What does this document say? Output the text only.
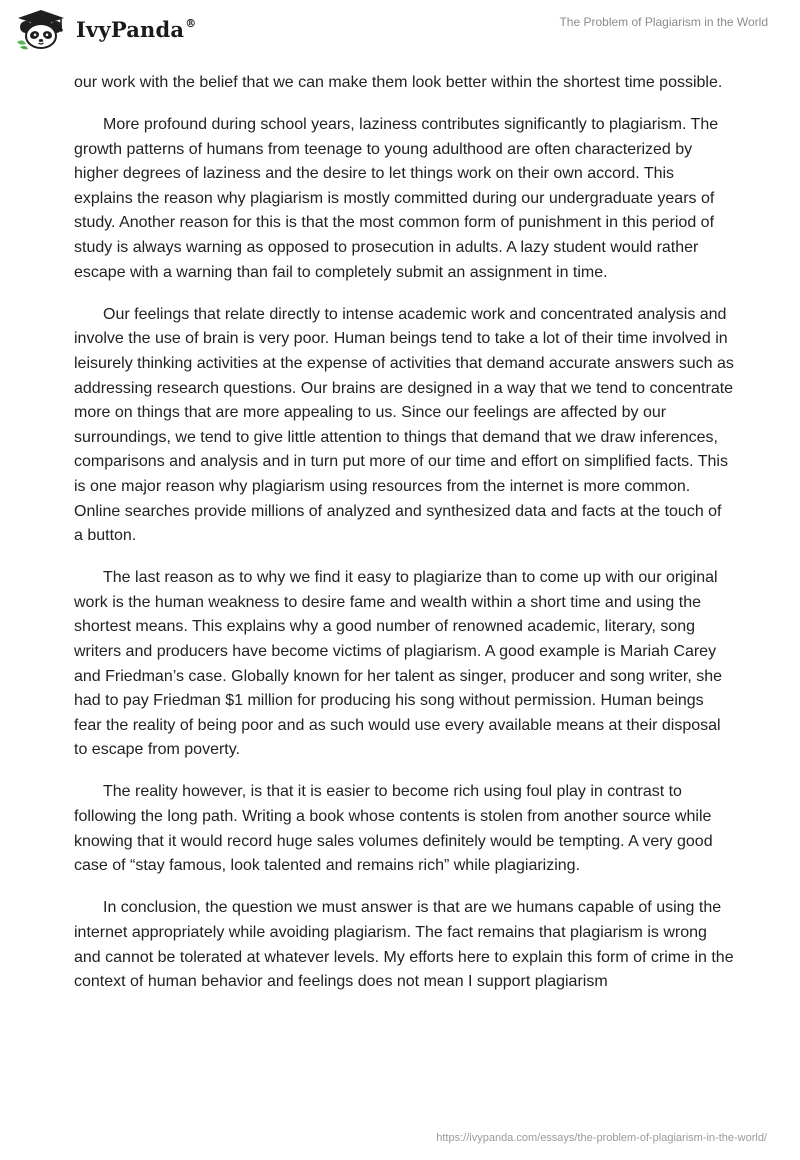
IvyPanda®	The Problem of Plagiarism in the World

our work with the belief that we can make them look better within the shortest time possible.

More profound during school years, laziness contributes significantly to plagiarism. The growth patterns of humans from teenage to young adulthood are often characterized by higher degrees of laziness and the desire to let things work on their own accord. This explains the reason why plagiarism is mostly committed during our undergraduate years of study. Another reason for this is that the most common form of punishment in this period of study is always warning as opposed to prosecution in adults. A lazy student would rather escape with a warning than fail to completely submit an assignment in time.

Our feelings that relate directly to intense academic work and concentrated analysis and involve the use of brain is very poor. Human beings tend to take a lot of their time involved in leisurely thinking activities at the expense of activities that demand accurate answers such as addressing research questions. Our brains are designed in a way that we tend to concentrate more on things that are more appealing to us. Since our feelings are affected by our surroundings, we tend to give little attention to things that demand that we draw inferences, comparisons and analysis and in turn put more of our time and effort on simplified facts. This is one major reason why plagiarism using resources from the internet is more common. Online searches provide millions of analyzed and synthesized data and facts at the touch of a button.

The last reason as to why we find it easy to plagiarize than to come up with our original work is the human weakness to desire fame and wealth within a short time and using the shortest means. This explains why a good number of renowned academic, literary, song writers and producers have become victims of plagiarism. A good example is Mariah Carey and Friedman’s case. Globally known for her talent as singer, producer and song writer, she had to pay Friedman $1 million for producing his song without permission. Human beings fear the reality of being poor and as such would use every available means at their disposal to escape from poverty.

The reality however, is that it is easier to become rich using foul play in contrast to following the long path. Writing a book whose contents is stolen from another source while knowing that it would record huge sales volumes definitely would be tempting. A very good case of “stay famous, look talented and remains rich” while plagiarizing.

In conclusion, the question we must answer is that are we humans capable of using the internet appropriately while avoiding plagiarism. The fact remains that plagiarism is wrong and cannot be tolerated at whatever levels. My efforts here to explain this form of crime in the context of human behavior and feelings does not mean I support plagiarism

https://ivypanda.com/essays/the-problem-of-plagiarism-in-the-world/
